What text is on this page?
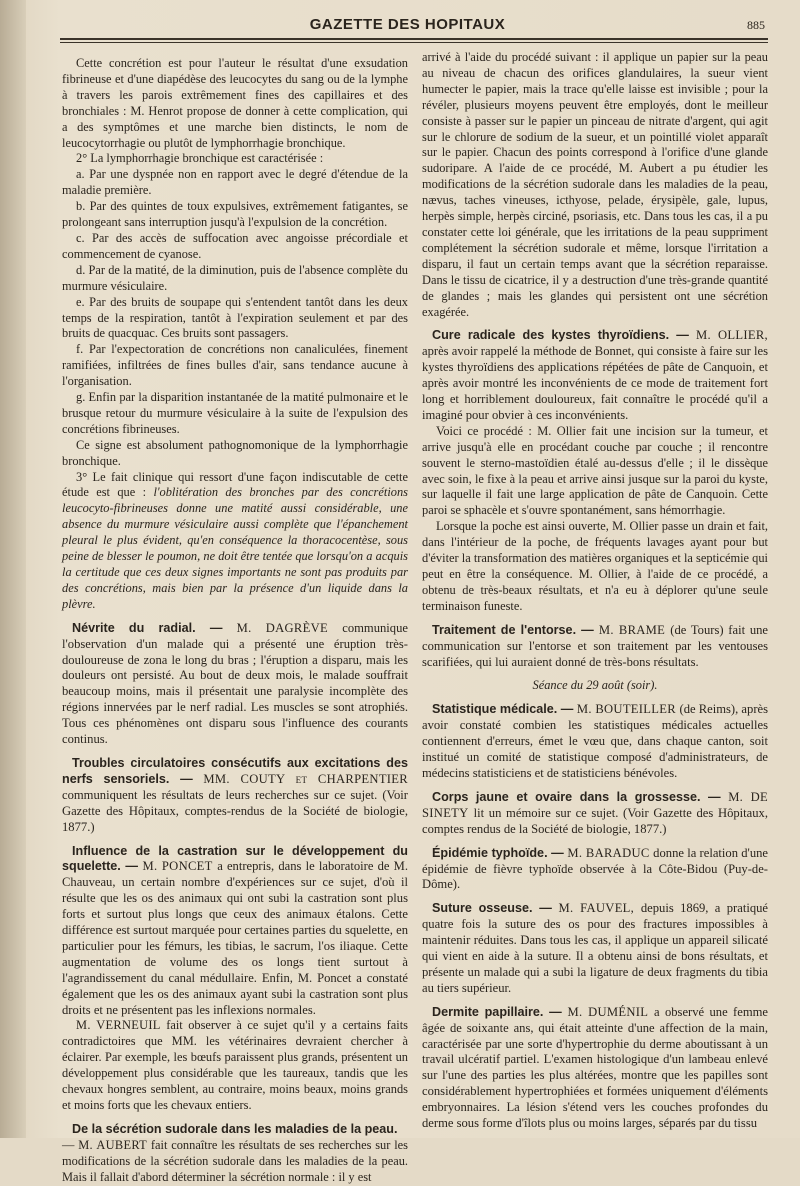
GAZETTE DES HOPITAUX	885

Cette concrétion est pour l'auteur le résultat d'une exsudation fibrineuse et d'une diapédèse des leucocytes du sang ou de la lymphe à travers les parois extrêmement fines des capillaires et des bronchiales : M. Henrot propose de donner à cette complication, qui a des symptômes et une marche bien distincts, le nom de leucocytorrhagie ou plutôt de lymphorrhagie bronchique.

2° La lymphorrhagie bronchique est caractérisée :

a. Par une dyspnée non en rapport avec le degré d'étendue de la maladie première.

b. Par des quintes de toux expulsives, extrêmement fatigantes, se prolongeant sans interruption jusqu'à l'expulsion de la concrétion.

c. Par des accès de suffocation avec angoisse précordiale et commencement de cyanose.

d. Par de la matité, de la diminution, puis de l'absence complète du murmure vésiculaire.

e. Par des bruits de soupape qui s'entendent tantôt dans les deux temps de la respiration, tantôt à l'expiration seulement et par des bruits de quacquac. Ces bruits sont passagers.

f. Par l'expectoration de concrétions non canaliculées, finement ramifiées, infiltrées de fines bulles d'air, sans tendance aucune à l'organisation.

g. Enfin par la disparition instantanée de la matité pulmonaire et le brusque retour du murmure vésiculaire à la suite de l'expulsion des concrétions fibrineuses.

Ce signe est absolument pathognomonique de la lymphorrhagie bronchique.

3° Le fait clinique qui ressort d'une façon indiscutable de cette étude est que : l'oblitération des bronches par des concrétions leucocyto-fibrineuses donne une matité aussi considérable, une absence du murmure vésiculaire aussi complète que l'épanchement pleural le plus évident, qu'en conséquence la thoracocentèse, sous peine de blesser le poumon, ne doit être tentée que lorsqu'on a acquis la certitude que ces deux signes importants ne sont pas produits par des concrétions, mais bien par la présence d'un liquide dans la plèvre.

Névrite du radial. — M. DAGRÈVE communique l'observation d'un malade qui a présenté une éruption très-douloureuse de zona le long du bras ; l'éruption a disparu, mais les douleurs ont persisté. Au bout de deux mois, le malade souffrait beaucoup moins, mais il présentait une paralysie incomplète des régions innervées par le nerf radial. Les muscles se sont atrophiés. Tous ces phénomènes ont disparu sous l'influence des courants continus.
Troubles circulatoires consécutifs aux excitations des nerfs sensoriels. — MM. COUTY et CHARPENTIER communiquent les résultats de leurs recherches sur ce sujet. (Voir Gazette des Hôpitaux, comptes-rendus de la Société de biologie, 1877.)
Influence de la castration sur le développement du squelette. — M. PONCET a entrepris, dans le laboratoire de M. Chauveau, un certain nombre d'expériences sur ce sujet, d'où il résulte que les os des animaux qui ont subi la castration sont plus forts et surtout plus longs que ceux des animaux étalons. Cette différence est surtout marquée pour certaines parties du squelette, en particulier pour les fémurs, les tibias, le sacrum, l'os iliaque. Cette augmentation de volume des os longs tient surtout à l'agrandissement du canal médullaire. Enfin, M. Poncet a constaté également que les os des animaux ayant subi la castration sont plus droits et ne présentent pas les inflexions normales.

M. VERNEUIL fait observer à ce sujet qu'il y a certains faits contradictoires que MM. les vétérinaires devraient chercher à éclairer. Par exemple, les bœufs paraissent plus grands, présentent un développement plus considérable que les taureaux, tandis que les chevaux hongres semblent, au contraire, moins beaux, moins grands et moins forts que les chevaux entiers.

De la sécrétion sudorale dans les maladies de la peau.

— M. AUBERT fait connaître les résultats de ses recherches sur les modifications de la sécrétion sudorale dans les maladies de la peau. Mais il fallait d'abord déterminer la sécrétion normale : il y est

arrivé à l'aide du procédé suivant : il applique un papier sur la peau au niveau de chacun des orifices glandulaires, la sueur vient humecter le papier, mais la trace qu'elle laisse est invisible ; pour la révéler, plusieurs moyens peuvent être employés, dont le meilleur consiste à passer sur le papier un pinceau de nitrate d'argent, qui agit sur le chlorure de sodium de la sueur, et un pointillé violet apparaît sur le papier. Chacun des points correspond à l'orifice d'une glande sudoripare. A l'aide de ce procédé, M. Aubert a pu étudier les modifications de la sécrétion sudorale dans les maladies de la peau, nævus, taches vineuses, icthyose, pelade, érysipèle, gale, lupus, herpès simple, herpès circiné, psoriasis, etc. Dans tous les cas, il a pu constater cette loi générale, que les irritations de la peau suppriment complétement la sécrétion sudorale et même, lorsque l'irritation a disparu, il faut un certain temps avant que la sécrétion reparaisse. Dans le tissu de cicatrice, il y a destruction d'une très-grande quantité de glandes ; mais les glandes qui persistent ont une sécrétion exagérée.

Cure radicale des kystes thyroïdiens. — M. OLLIER, après avoir rappelé la méthode de Bonnet, qui consiste à faire sur les kystes thyroïdiens des applications répétées de pâte de Canquoin, et après avoir montré les inconvénients de ce mode de traitement fort long et horriblement douloureux, fait connaître le procédé qu'il a imaginé pour obvier à ces inconvénients.

Voici ce procédé : M. Ollier fait une incision sur la tumeur, et arrive jusqu'à elle en procédant couche par couche ; il rencontre souvent le sterno-mastoïdien étalé au-dessus d'elle ; il le dissèque avec soin, le fixe à la peau et arrive ainsi jusque sur la paroi du kyste, sur laquelle il fait une large application de pâte de Canquoin. Cette paroi se sphacèle et s'ouvre spontanément, sans hémorrhagie.

Lorsque la poche est ainsi ouverte, M. Ollier passe un drain et fait, dans l'intérieur de la poche, de fréquents lavages ayant pour but d'éviter la transformation des matières organiques et la septicémie qui peut en être la conséquence. M. Ollier, à l'aide de ce procédé, a obtenu de très-beaux résultats, et n'a eu à déplorer qu'une seule terminaison funeste.

Traitement de l'entorse. — M. BRAME (de Tours) fait une communication sur l'entorse et son traitement par les ventouses scarifiées, qui lui auraient donné de très-bons résultats.
Séance du 29 août (soir).
Statistique médicale. — M. BOUTEILLER (de Reims), après avoir constaté combien les statistiques médicales actuelles contiennent d'erreurs, émet le vœu que, dans chaque canton, soit institué un comité de statistique composé d'administrateurs, de médecins statisticiens et de statisticiens bénévoles.
Corps jaune et ovaire dans la grossesse. — M. DE SINETY lit un mémoire sur ce sujet. (Voir Gazette des Hôpitaux, comptes rendus de la Société de biologie, 1877.)
Épidémie typhoïde. — M. BARADUC donne la relation d'une épidémie de fièvre typhoïde observée à la Côte-Bidou (Puy-de-Dôme).
Suture osseuse. — M. FAUVEL, depuis 1869, a pratiqué quatre fois la suture des os pour des fractures impossibles à maintenir réduites. Dans tous les cas, il applique un appareil silicaté qui vient en aide à la suture. Il a obtenu ainsi de bons résultats, et présente un malade qui a subi la ligature de deux fragments du tibia au tiers supérieur.
Dermite papillaire. — M. DUMÉNIL a observé une femme âgée de soixante ans, qui était atteinte d'une affection de la main, caractérisée par une sorte d'hypertrophie du derme aboutissant à un travail ulcératif partiel. L'examen histologique d'un lambeau enlevé sur l'une des parties les plus altérées, montre que les papilles sont considérablement hypertrophiées et formées uniquement d'éléments embryonnaires. La lésion s'étend vers les couches profondes du derme sous forme d'îlots plus ou moins larges, séparés par du tissu
